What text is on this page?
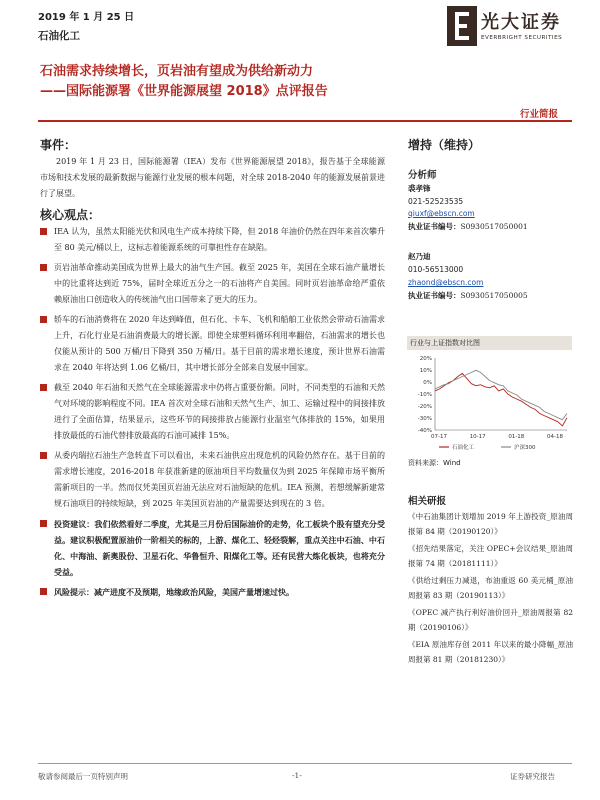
2019 年 1 月 25 日
石油化工
光大证券
EVERBRIGHT SECURITIES
石油需求持续增长，页岩油有望成为供给新动力
——国际能源署《世界能源展望 2018》点评报告
行业简报
事件：
2019 年 1 月 23 日，国际能源署（IEA）发布《世界能源展望 2018》，报告基于全球能源市场和技术发展的最新数据与能源行业发展的根本问题，对全球 2018-2040 年的能源发展前景进行了展望。
核心观点：
IEA 认为，虽然太阳能光伏和风电生产成本持续下降，但 2018 年油价仍然在四年来首次攀升至 80 美元/桶以上，这标志着能源系统的可靠担性存在缺陷。
页岩油革命推动美国成为世界上最大的油气生产国。截至 2025 年，美国在全球石油产量增长中的比重将达到近 75%，届时全球近五分之一的石油将产自美国。同时页岩油革命给严重依赖原油出口创造收入的传统油气出口国带来了更大的压力。
轿车的石油消费将在 2020 年达到峰值，但石化、卡车、飞机和船舶工业依然会带动石油需求上升，石化行业是石油消费最大的增长源。即使全球塑料循环利用率翻倍，石油需求的增长也仅能从预计的 500 万桶/日下降到 350 万桶/日。基于目前的需求增长速度，预计世界石油需求在 2040 年将达到 1.06 亿桶/日，其中增长部分全部来自发展中国家。
截至 2040 年石油和天然气在全球能源需求中仍将占重要份额。同时，不同类型的石油和天然气对环境的影响程度不同。IEA 首次对全球石油和天然气生产、加工、运输过程中的间接排放进行了全面估算，结果显示，这些环节的间接排放占能源行业温室气体排放的 15%，如果用排放最低的石油代替排放最高的石油可减排 15%。
从委内瑞拉石油生产急转直下可以看出，未来石油供应出现危机的风险仍然存在。基于目前的需求增长速度，2016-2018 年获准新建的原油项目平均数量仅为到 2025 年保障市场平衡所需新项目的一半。然而仅凭美国页岩油无法应对石油短缺的危机。IEA 预测，若想缓解新建常规石油项目的持续短缺，到 2025 年美国页岩油的产量需要达到现在的 3 倍。
投资建议：我们依然看好二季度，尤其是三月份后国际油价的走势，化工板块个股有望充分受益。建议积极配置原油价一阶相关的标的，上游、煤化工、轻烃裂解，重点关注中石油、中石化、中海油、新奥股份、卫星石化、华鲁恒升、阳煤化工等。还有民营大炼化板块，也将充分受益。
风险提示：减产进度不及预期，地缘政治风险，美国产量增速过快。
增持（维持）
分析师
裘孝锋
021-52523535
qiuxf@ebscn.com
执业证书编号：S0930517050001
赵乃迪
010-56513000
zhaond@ebscn.com
执业证书编号：S0930517050005
行业与上证指数对比图
20%
10%
0%
-10%
-20%
-30%
-40%
07-17	10-17	01-18	04-18
石油化工	沪深300
资料来源：Wind
相关研报
《中石油集团计划增加 2019 年上游投资_原油周报第 84 期（20190120）》
《招先结果落定，关注 OPEC+会议结果_原油周报第 74 期（20181111）》
《供给过剩压力减退，布油重返 60 美元桶_原油周报第 83 期（20190113）》
《OPEC 减产执行利好油价回升_原油周报第 82 期（20190106）》
《EIA 原油库存创 2011 年以来的最小降幅_原油周报第 81 期（20181230）》
敬请参阅最后一页特别声明	-1-	证券研究报告
